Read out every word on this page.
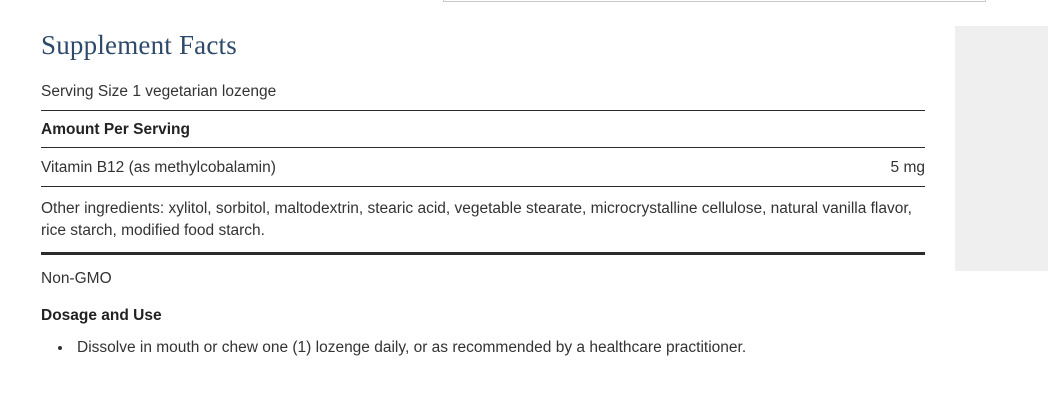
Supplement Facts
Serving Size 1 vegetarian lozenge
Amount Per Serving
Vitamin B12 (as methylcobalamin)	5 mg
Other ingredients: xylitol, sorbitol, maltodextrin, stearic acid, vegetable stearate, microcrystalline cellulose, natural vanilla flavor, rice starch, modified food starch.
Non-GMO
Dosage and Use
• Dissolve in mouth or chew one (1) lozenge daily, or as recommended by a healthcare practitioner.
